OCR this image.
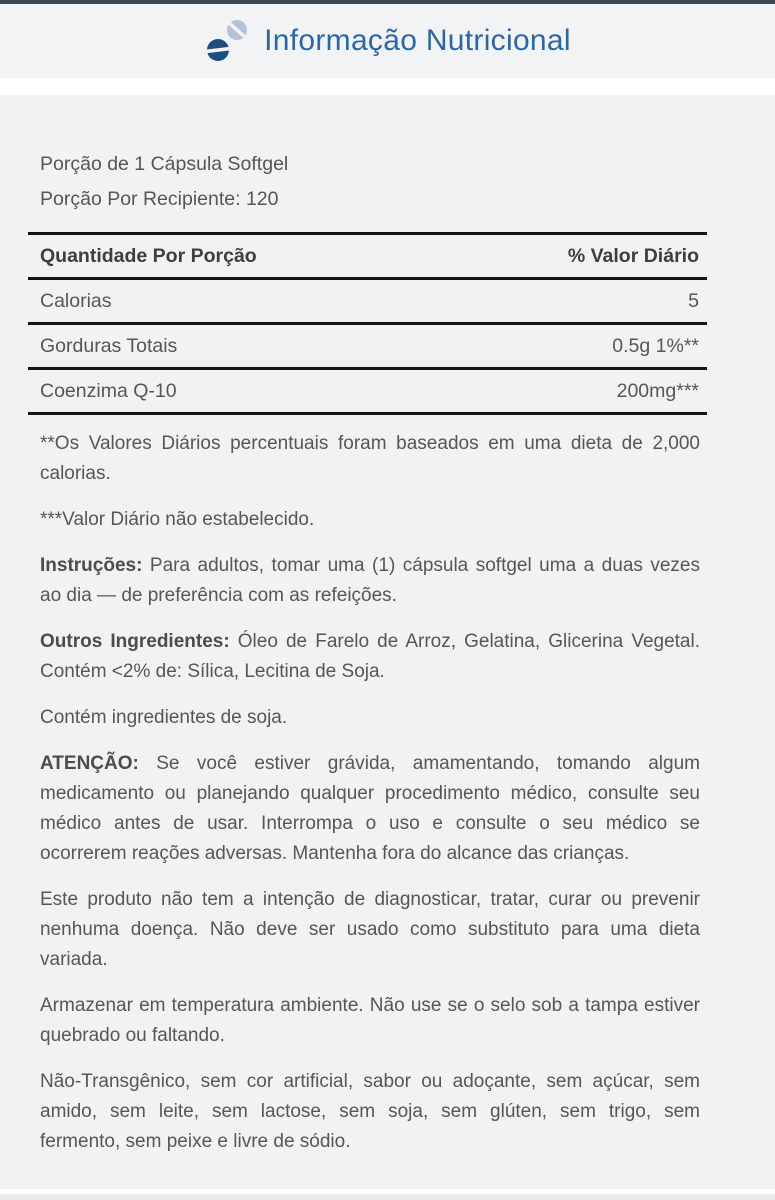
Informação Nutricional
Porção de 1 Cápsula Softgel
Porção Por Recipiente: 120
Quantidade Por Porção	% Valor Diário
Calorias	5
Gorduras Totais	0.5g 1%**
Coenzima Q-10	200mg***

**Os Valores Diários percentuais foram baseados em uma dieta de 2,000 calorias.

***Valor Diário não estabelecido.

Instruções: Para adultos, tomar uma (1) cápsula softgel uma a duas vezes ao dia — de preferência com as refeições.

Outros Ingredientes: Óleo de Farelo de Arroz, Gelatina, Glicerina Vegetal. Contém <2% de: Sílica, Lecitina de Soja.

Contém ingredientes de soja.

ATENÇÃO: Se você estiver grávida, amamentando, tomando algum medicamento ou planejando qualquer procedimento médico, consulte seu médico antes de usar. Interrompa o uso e consulte o seu médico se ocorrerem reações adversas. Mantenha fora do alcance das crianças.

Este produto não tem a intenção de diagnosticar, tratar, curar ou prevenir nenhuma doença. Não deve ser usado como substituto para uma dieta variada.

Armazenar em temperatura ambiente. Não use se o selo sob a tampa estiver quebrado ou faltando.

Não-Transgênico, sem cor artificial, sabor ou adoçante, sem açúcar, sem amido, sem leite, sem lactose, sem soja, sem glúten, sem trigo, sem fermento, sem peixe e livre de sódio.
